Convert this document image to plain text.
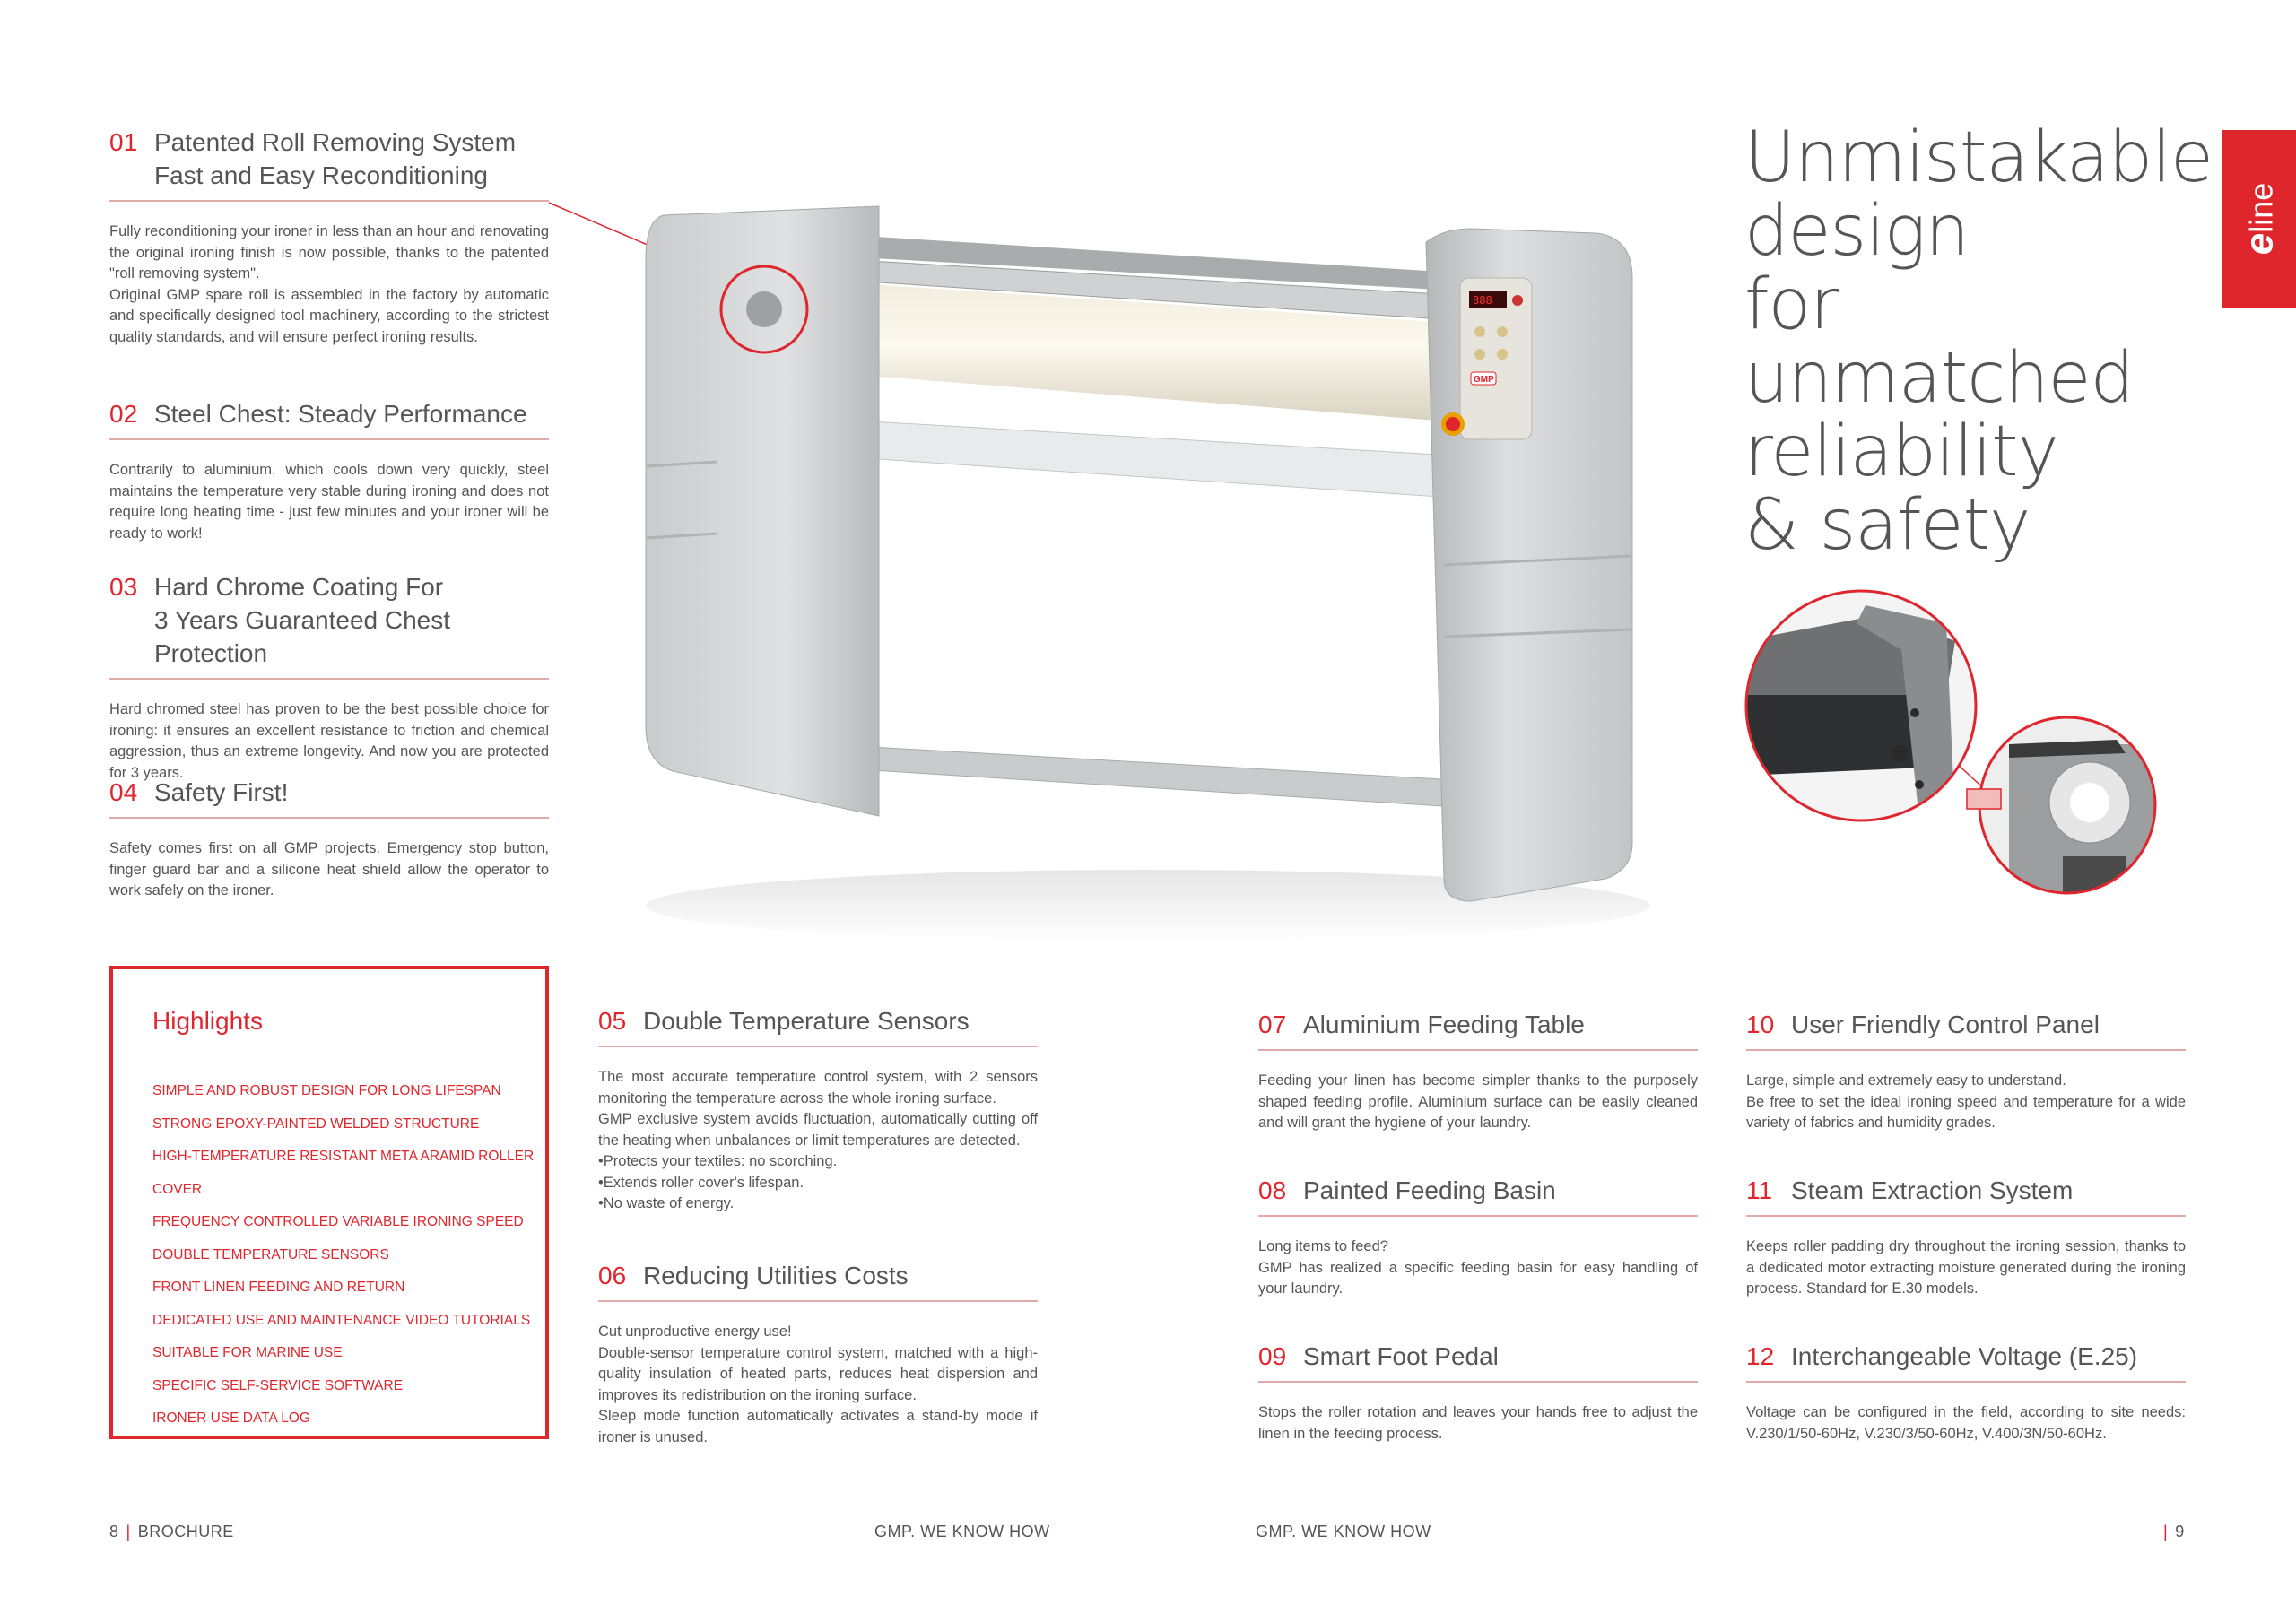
01 Patented Roll Removing System
Fast and Easy Reconditioning

Fully reconditioning your ironer in less than an hour and renovating the original ironing finish is now possible, thanks to the patented "roll removing system".

Original GMP spare roll is assembled in the factory by automatic and specifically designed tool machinery, according to the strictest quality standards, and will ensure perfect ironing results.

02 Steel Chest: Steady Performance

Contrarily to aluminium, which cools down very quickly, steel maintains the temperature very stable during ironing and does not require long heating time - just few minutes and your ironer will be ready to work!

03 Hard Chrome Coating For
3 Years Guaranteed Chest Protection

Hard chromed steel has proven to be the best possible choice for ironing: it ensures an excellent resistance to friction and chemical aggression, thus an extreme longevity. And now you are protected for 3 years.

04 Safety First!

Safety comes first on all GMP projects. Emergency stop button, finger guard bar and a silicone heat shield allow the operator to work safely on the ironer.

888
GMP
Unmistakable
design
for unmatched
reliability
& safety
eline
Highlights
SIMPLE AND ROBUST DESIGN FOR LONG LIFESPAN
STRONG EPOXY-PAINTED WELDED STRUCTURE
HIGH-TEMPERATURE RESISTANT META ARAMID ROLLER COVER
FREQUENCY CONTROLLED VARIABLE IRONING SPEED
DOUBLE TEMPERATURE SENSORS
FRONT LINEN FEEDING AND RETURN
DEDICATED USE AND MAINTENANCE VIDEO TUTORIALS
SUITABLE FOR MARINE USE
SPECIFIC SELF-SERVICE SOFTWARE
IRONER USE DATA LOG
05 Double Temperature Sensors

The most accurate temperature control system, with 2 sensors monitoring the temperature across the whole ironing surface.

GMP exclusive system avoids fluctuation, automatically cutting off the heating when unbalances or limit temperatures are detected.

•Protects your textiles: no scorching.

•Extends roller cover's lifespan.

•No waste of energy.

06 Reducing Utilities Costs

Cut unproductive energy use!

Double-sensor temperature control system, matched with a high-quality insulation of heated parts, reduces heat dispersion and improves its redistribution on the ironing surface.

Sleep mode function automatically activates a stand-by mode if ironer is unused.

07 Aluminium Feeding Table

Feeding your linen has become simpler thanks to the purposely shaped feeding profile. Aluminium surface can be easily cleaned and will grant the hygiene of your laundry.

08 Painted Feeding Basin

Long items to feed?

GMP has realized a specific feeding basin for easy handling of your laundry.

09 Smart Foot Pedal

Stops the roller rotation and leaves your hands free to adjust the linen in the feeding process.

10 User Friendly Control Panel

Large, simple and extremely easy to understand.

Be free to set the ideal ironing speed and temperature for a wide variety of fabrics and humidity grades.

11 Steam Extraction System

Keeps roller padding dry throughout the ironing session, thanks to a dedicated motor extracting moisture generated during the ironing process. Standard for E.30 models.

12 Interchangeable Voltage (E.25)

Voltage can be configured in the field, according to site needs: V.230/1/50-60Hz, V.230/3/50-60Hz, V.400/3N/50-60Hz.

8 | BROCHURE	GMP. WE KNOW HOW	GMP. WE KNOW HOW	| 9
